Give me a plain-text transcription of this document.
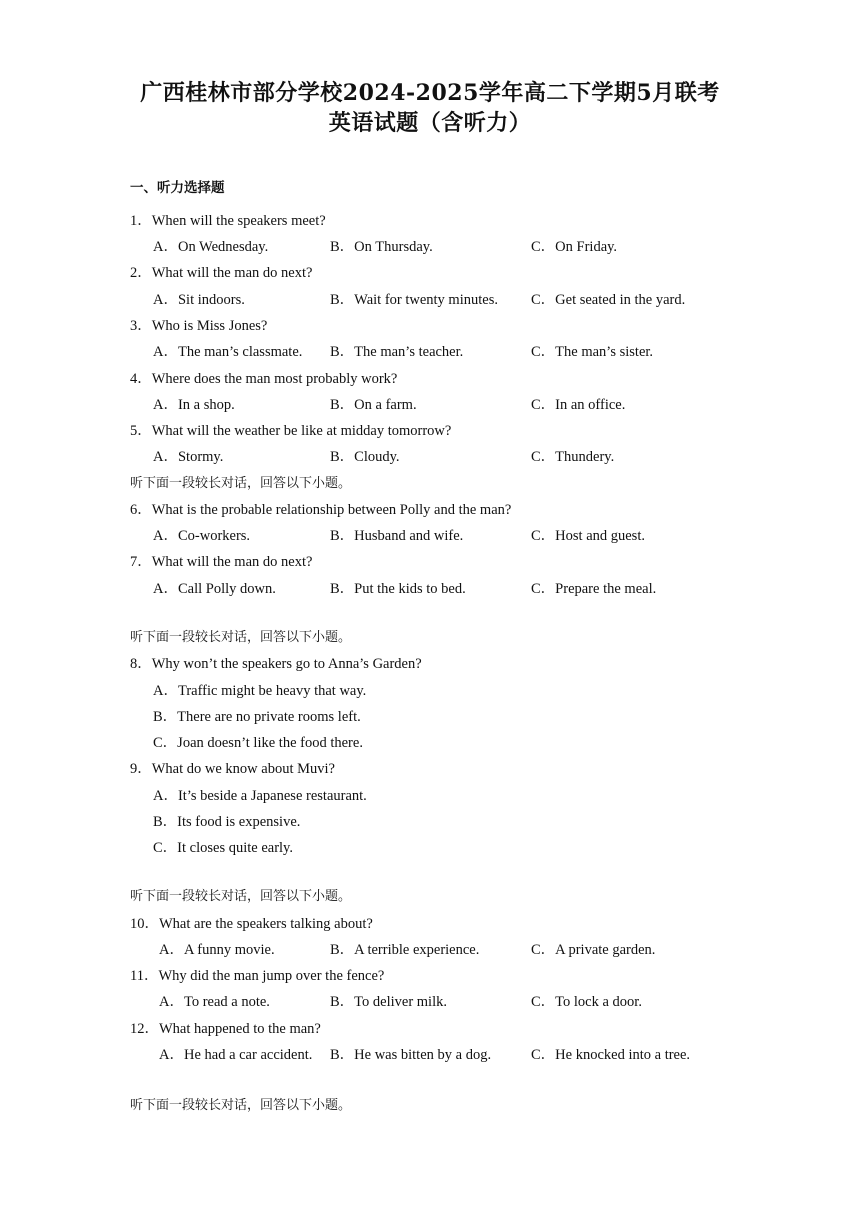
广西桂林市部分学校2024-2025学年高二下学期5月联考
英语试题（含听力）
一、听力选择题
1．When will the speakers meet?
A．On Wednesday.	B．On Thursday.	C．On Friday.
2．What will the man do next?
A．Sit indoors.	B．Wait for twenty minutes. C．Get seated in the yard.
3．Who is Miss Jones?
A．The man’s classmate. B．The man’s teacher.	C．The man’s sister.
4．Where does the man most probably work?
A．In a shop.	B．On a farm.	C．In an office.
5．What will the weather be like at midday tomorrow?
A．Stormy.	B．Cloudy.	C．Thundery.
听下面一段较长对话，回答以下小题。
6．What is the probable relationship between Polly and the man?
A．Co-workers.	B．Husband and wife.	C．Host and guest.
7．What will the man do next?
A．Call Polly down.	B．Put the kids to bed.	C．Prepare the meal.
听下面一段较长对话，回答以下小题。
8．Why won’t the speakers go to Anna’s Garden?
A．Traffic might be heavy that way.
B．There are no private rooms left.
C．Joan doesn’t like the food there.
9．What do we know about Muvi?
A．It’s beside a Japanese restaurant.
B．Its food is expensive.
C．It closes quite early.
听下面一段较长对话，回答以下小题。
10．What are the speakers talking about?
A．A funny movie.	B．A terrible experience.	C．A private garden.
11．Why did the man jump over the fence?
A．To read a note.	B．To deliver milk.	C．To lock a door.
12．What happened to the man?
A．He had a car accident. B．He was bitten by a dog.	C．He knocked into a tree.
听下面一段较长对话，回答以下小题。
